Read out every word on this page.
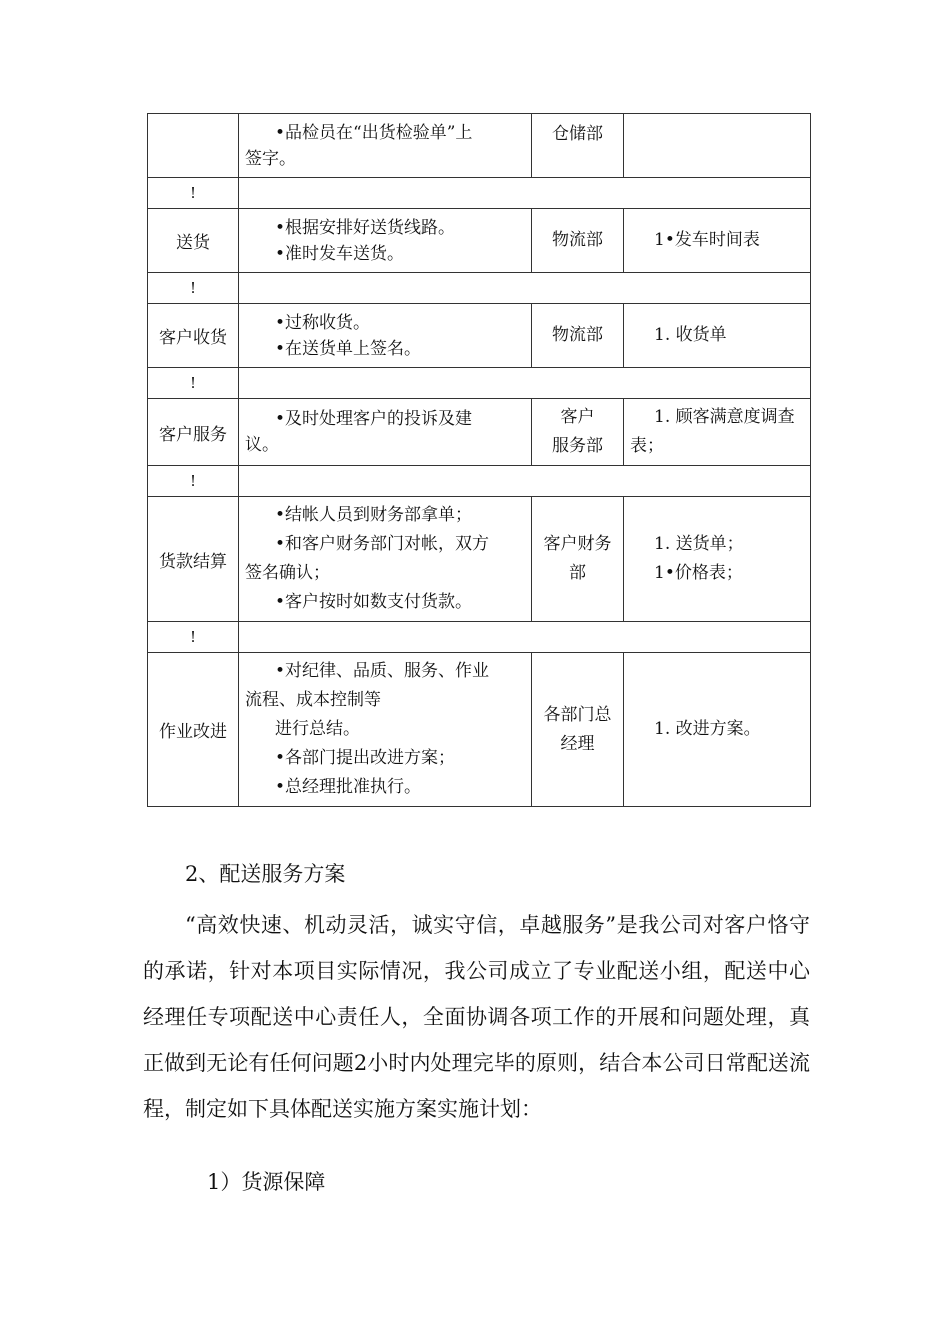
	•品检员在“出货检验单”上
签字。	仓储部	
!			
送货	•根据安排好送货线路。
•准时发车送货。	物流部	1•发车时间表
!			
客户收货	•过称收货。
•在送货单上签名。	物流部	1. 收货单
!			
客户服务	•及时处理客户的投诉及建
议。	客户
服务部	1. 顾客满意度调查
表；

!			
货款结算	•结帐人员到财务部拿单；
•和客户财务部门对帐，双方
签名确认；
•客户按时如数支付货款。	客户财务
部	1. 送货单；
1•价格表；

!			
作业改进	•对纪律、品质、服务、作业
流程、成本控制等
进行总结。
•各部门提出改进方案；
•总经理批准执行。	各部门总
经理	1. 改进方案。
2、配送服务方案

“高效快速、机动灵活，诚实守信，卓越服务”是我公司对客户恪守的承诺，针对本项目实际情况，我公司成立了专业配送小组，配送中心经理任专项配送中心责任人，全面协调各项工作的开展和问题处理，真正做到无论有任何问题2小时内处理完毕的原则，结合本公司日常配送流程，制定如下具体配送实施方案实施计划：

1）货源保障
